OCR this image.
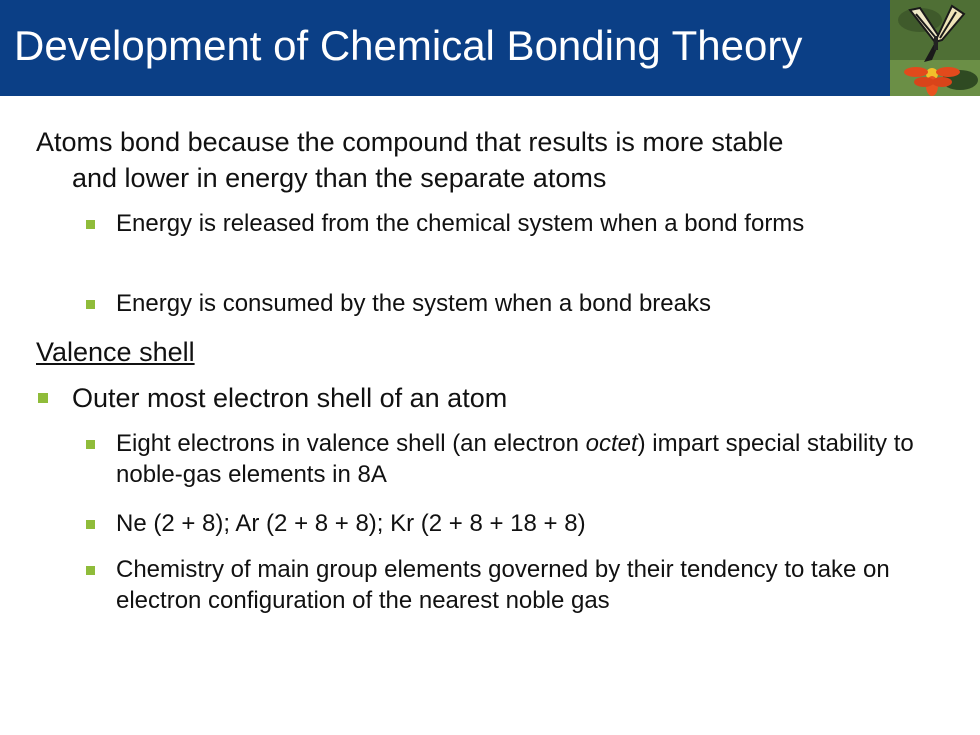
Development of Chemical Bonding Theory
Atoms bond because the compound that results is more stable
and lower in energy than the separate atoms
Energy is released from the chemical system when a bond forms
Energy is consumed by the system when a bond breaks
Valence shell
Outer most electron shell of an atom
Eight electrons in valence shell (an electron octet) impart special stability to noble-gas elements in 8A
Ne (2 + 8); Ar (2 + 8 + 8); Kr (2 + 8 + 18 + 8)
Chemistry of main group elements governed by their tendency to take on electron configuration of the nearest noble gas
